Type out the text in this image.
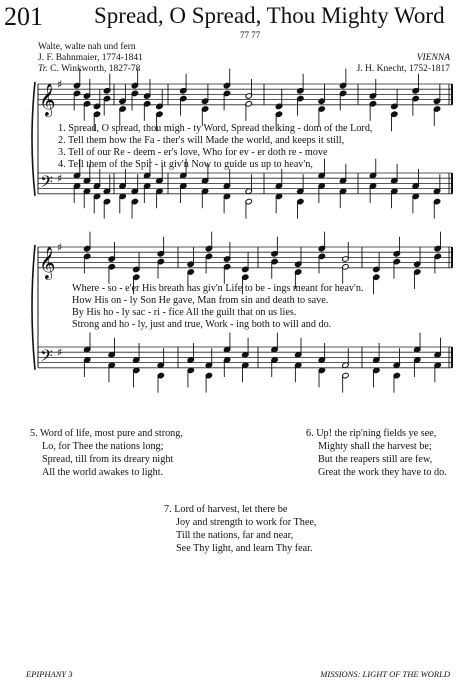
201 Spread, O Spread, Thou Mighty Word
77 77
Walte, walte nah und fern
J. F. Bahnmaier, 1774-1841
Tr. C. Winkworth, 1827-78
VIENNA
J. H. Knecht, 1752-1817
𝄞
𝄢
♯
♯
𝄞
𝄢
♯
♯
1. Spread, O spread, thou migh - ty Word, Spread the king - dom of the Lord,
2. Tell them how the Fa - ther's will Made the world, and keeps it still,
3. Tell of our Re - deem - er's love, Who for ev - er doth re - move
4. Tell them of the Spir - it giv'n Now to guide us up to heav'n,
Where - so - e'er His breath has giv'n Life to be - ings meant for heav'n.
How His on - ly Son He gave, Man from sin and death to save.
By His ho - ly sac - ri - fice All the guilt that on us lies.
Strong and ho - ly, just and true, Work - ing both to will and do.
5. Word of life, most pure and strong,
Lo, for Thee the nations long;
Spread, till from its dreary night
All the world awakes to light.
6. Up! the rip'ning fields ye see,
Mighty shall the harvest be;
But the reapers still are few,
Great the work they have to do.
7. Lord of harvest, let there be
Joy and strength to work for Thee,
Till the nations, far and near,
See Thy light, and learn Thy fear.
EPIPHANY 3	MISSIONS: LIGHT OF THE WORLD
